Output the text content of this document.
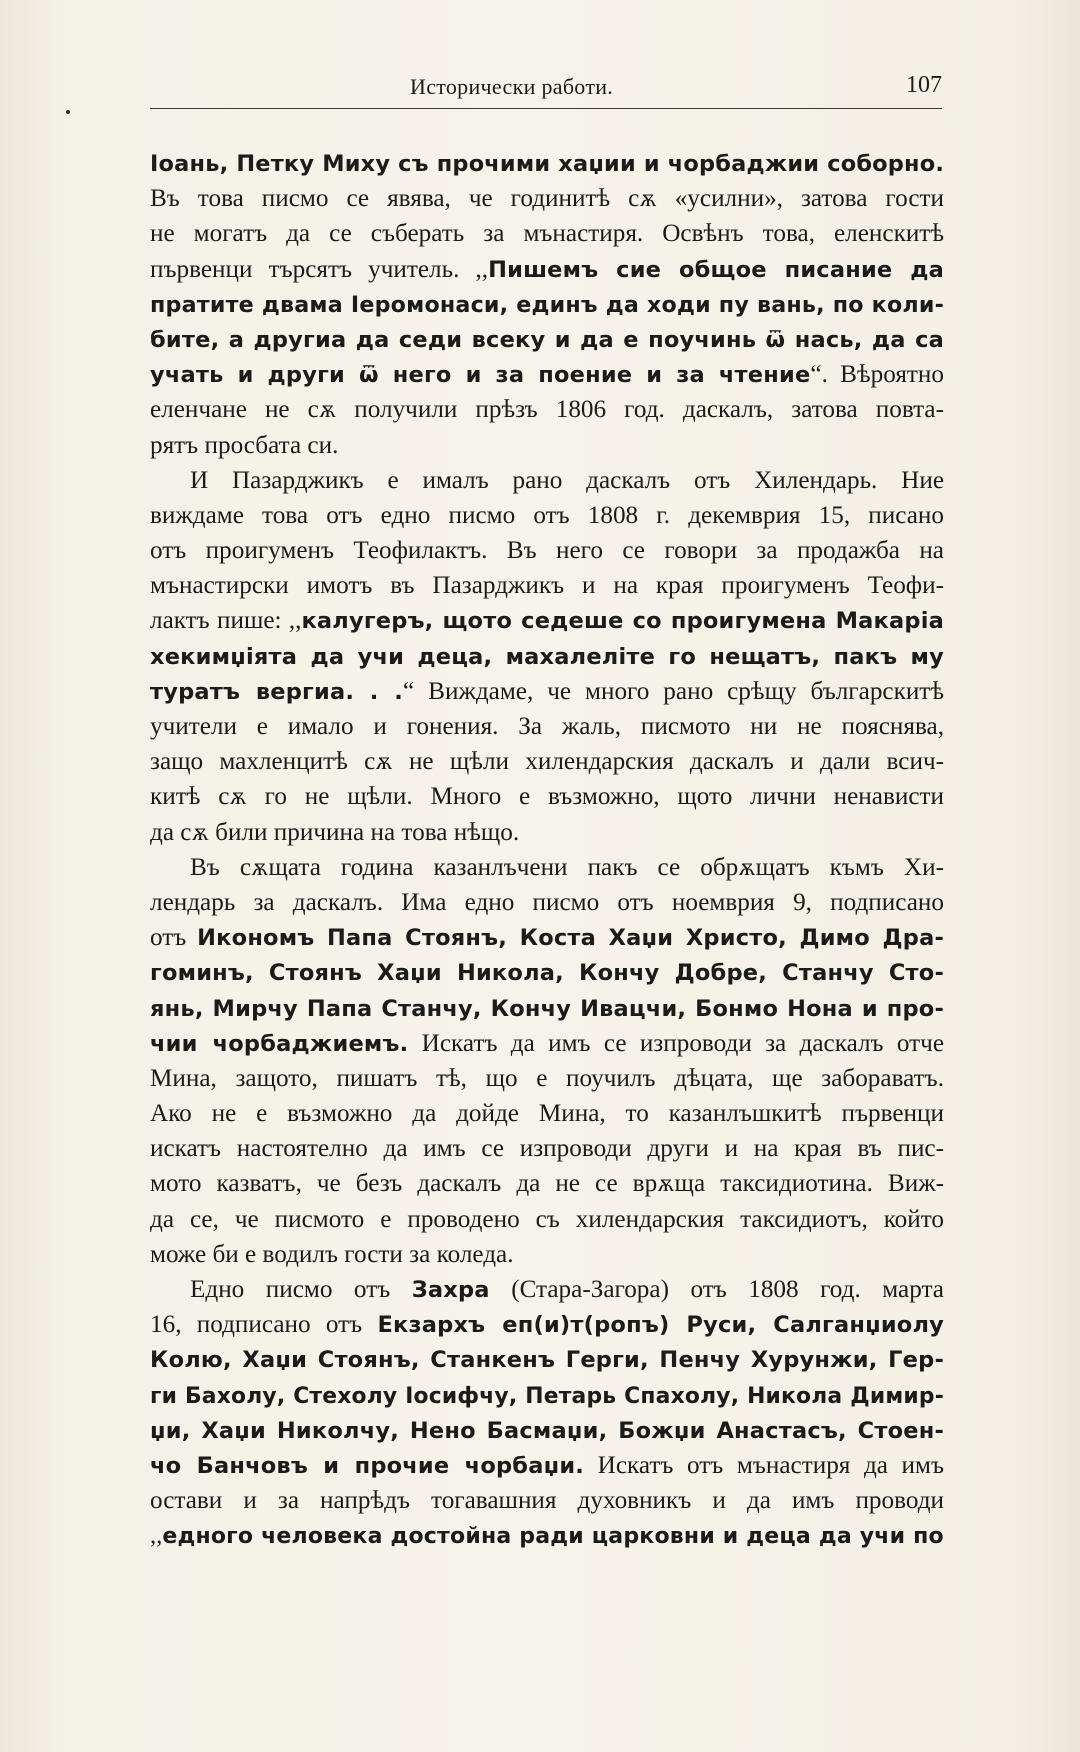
Исторически работи.	107
Іоань, Петку Миху съ прочими хаџии и чорбаджии соборно.
Въ това писмо се явява, че годинитѣ сѫ «усилни», затова гости
не могатъ да се съберать за мънастиря. Освѣнъ това, еленскитѣ
първенци търсятъ учитель. ,,Пишемъ сие общое писание да
пратите двама Іеромонаси, единъ да ходи пу вань, по коли-
бите, а другиа да седи всеку и да е поучинь ѿ нась, да са
учать и други ѿ него и за поение и за чтение“. Вѣроятно
еленчане не сѫ получили прѣзъ 1806 год. даскалъ, затова повта-
рятъ просбата си.
И Пазарджикъ е ималъ рано даскалъ отъ Хилендарь. Ние
виждаме това отъ едно писмо отъ 1808 г. декемврия 15, писано
отъ проигуменъ Теофилактъ. Въ него се говори за продажба на
мънастирски имотъ въ Пазарджикъ и на края проигуменъ Теофи-
лактъ пише: ,,калугеръ, щото седеше со проигумена Макаріа
хекимџіята да учи деца, махалеліте го нещатъ, пакъ му
туратъ вергиа. . .“ Виждаме, че много рано срѣщу българскитѣ
учители е имало и гонения. За жаль, писмото ни не пояснява,
защо махленцитѣ сѫ не щѣли хилендарския даскалъ и дали всич-
китѣ сѫ го не щѣли. Много е възможно, щото лични ненависти
да сѫ били причина на това нѣщо.
Въ сѫщата година казанлъчени пакъ се обрѫщатъ къмъ Хи-
лендарь за даскалъ. Има едно писмо отъ ноемврия 9, подписано
отъ Икономъ Папа Стоянъ, Коста Хаџи Христо, Димо Дра-
гоминъ, Стоянъ Хаџи Никола, Кончу Добре, Станчу Сто-
янь, Мирчу Папа Станчу, Кончу Ивацчи, Бонмо Нона и про-
чии чорбаджиемъ. Искатъ да имъ се изпроводи за даскалъ отче
Мина, защото, пишатъ тѣ, що е поучилъ дѣцата, ще забораватъ.
Ако не е възможно да дойде Мина, то казанлъшкитѣ първенци
искатъ настоятелно да имъ се изпроводи други и на края въ пис-
мото казватъ, че безъ даскалъ да не се врѫща таксидиотина. Виж-
да се, че писмото е проводено съ хилендарския таксидиотъ, който
може би е водилъ гости за коледа.
Едно писмо отъ Захра (Стара-Загора) отъ 1808 год. марта
16, подписано отъ Екзархъ еп(и)т(ропъ) Руси, Салганџиолу
Колю, Хаџи Стоянъ, Станкенъ Герги, Пенчу Хурунжи, Гер-
ги Бахолу, Стехолу Іосифчу, Петарь Спахолу, Никола Димир-
џи, Хаџи Николчу, Нено Басмаџи, Божџи Анастасъ, Стоен-
чо Банчовъ и прочие чорбаџи. Искатъ отъ мънастиря да имъ
остави и за напрѣдъ тогавашния духовникъ и да имъ проводи
,,едного человека достойна ради царковни и деца да учи по
